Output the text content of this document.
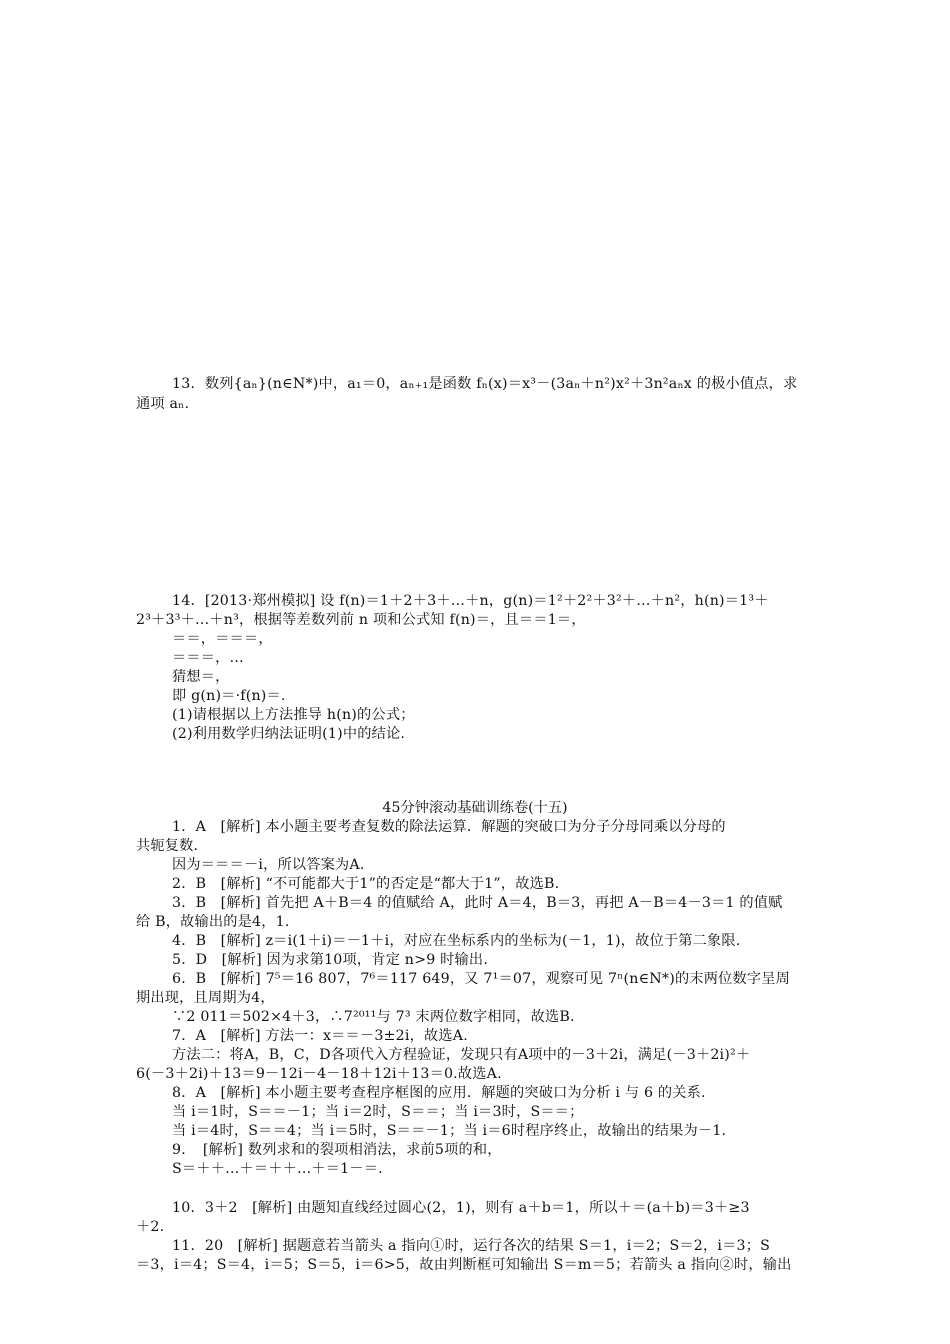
13．数列{aₙ}(n∈N*)中，a₁＝0，aₙ₊₁是函数 fₙ(x)＝x³－(3aₙ＋n²)x²＋3n²aₙx 的极小值点，求
通项 aₙ.
14．[2013·郑州模拟] 设 f(n)＝1＋2＋3＋…＋n，g(n)＝1²＋2²＋3²＋…＋n²，h(n)＝1³＋
2³＋3³＋…＋n³，根据等差数列前 n 项和公式知 f(n)＝，且＝＝1＝，
＝＝，＝＝＝，
＝＝＝，…
猜想＝，
即 g(n)＝·f(n)＝.
(1)请根据以上方法推导 h(n)的公式；
(2)利用数学归纳法证明(1)中的结论.
45分钟滚动基础训练卷(十五)
1．A　[解析] 本小题主要考查复数的除法运算．解题的突破口为分子分母同乘以分母的
共轭复数．
因为＝＝＝－i，所以答案为A.
2．B　[解析] “不可能都大于1”的否定是“都大于1”，故选B.
3．B　[解析] 首先把 A＋B＝4 的值赋给 A，此时 A＝4，B＝3，再把 A－B＝4－3＝1 的值赋
给 B，故输出的是4，1.
4．B　[解析] z＝i(1＋i)＝－1＋i，对应在坐标系内的坐标为(－1，1)，故位于第二象限.
5．D　[解析] 因为求第10项，肯定 n>9 时输出.
6．B　[解析] 7⁵＝16 807，7⁶＝117 649，又 7¹＝07，观察可见 7ⁿ(n∈N*)的末两位数字呈周
期出现，且周期为4，
∵2 011＝502×4＋3，∴7²⁰¹¹与 7³ 末两位数字相同，故选B.
7．A　[解析] 方法一：x＝＝－3±2i，故选A.
方法二：将A，B，C，D各项代入方程验证，发现只有A项中的－3＋2i，满足(－3＋2i)²＋
6(－3＋2i)＋13＝9－12i－4－18＋12i＋13＝0.故选A.
8．A　[解析] 本小题主要考查程序框图的应用．解题的突破口为分析 i 与 6 的关系.
当 i＝1时，S＝＝－1；当 i＝2时，S＝＝；当 i＝3时，S＝＝；
当 i＝4时，S＝＝4；当 i＝5时，S＝＝－1；当 i＝6时程序终止，故输出的结果为－1.
9．　[解析] 数列求和的裂项相消法，求前5项的和，
S＝＋＋…＋＝＋＋…＋＝1－＝.
10．3＋2　[解析] 由题知直线经过圆心(2，1)，则有 a＋b＝1，所以＋＝(a＋b)＝3＋≥3
＋2.
11．20　[解析] 据题意若当箭头 a 指向①时，运行各次的结果 S＝1，i＝2；S＝2，i＝3；S
＝3，i＝4；S＝4，i＝5；S＝5，i＝6>5，故由判断框可知输出 S＝m＝5；若箭头 a 指向②时，输出
